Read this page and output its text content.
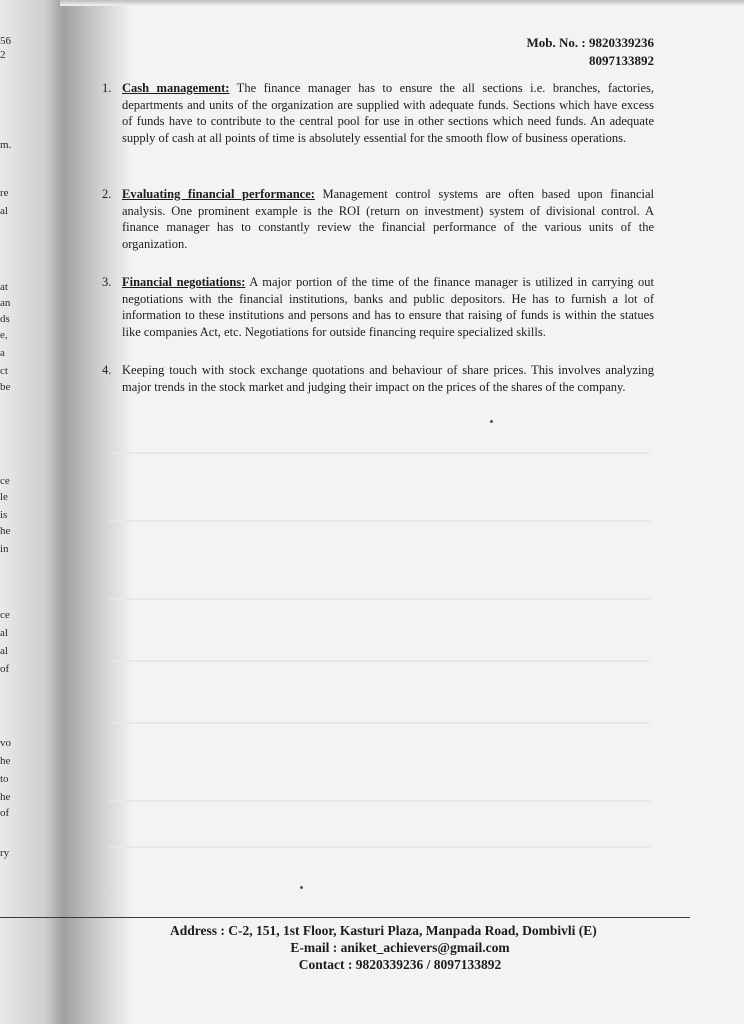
56
2
m.
re
al
at
an
ds
e,
a
ct
be
ce
le
is
he
in
ce
al
al
of
vo
he
to
he
of
ry
Mob. No. : 9820339236
8097133892
1. Cash management: The finance manager has to ensure the all sections i.e. branches, factories, departments and units of the organization are supplied with adequate funds. Sections which have excess of funds have to contribute to the central pool for use in other sections which need funds. An adequate supply of cash at all points of time is absolutely essential for the smooth flow of business operations.
2. Evaluating financial performance: Management control systems are often based upon financial analysis. One prominent example is the ROI (return on investment) system of divisional control. A finance manager has to constantly review the financial performance of the various units of the organization.
3. Financial negotiations: A major portion of the time of the finance manager is utilized in carrying out negotiations with the financial institutions, banks and public depositors. He has to furnish a lot of information to these institutions and persons and has to ensure that raising of funds is within the statues like companies Act, etc. Negotiations for outside financing require specialized skills.
4. Keeping touch with stock exchange quotations and behaviour of share prices. This involves analyzing major trends in the stock market and judging their impact on the prices of the shares of the company.
Address : C-2, 151, 1st Floor, Kasturi Plaza, Manpada Road, Dombivli (E)
E-mail : aniket_achievers@gmail.com
Contact : 9820339236 / 8097133892
